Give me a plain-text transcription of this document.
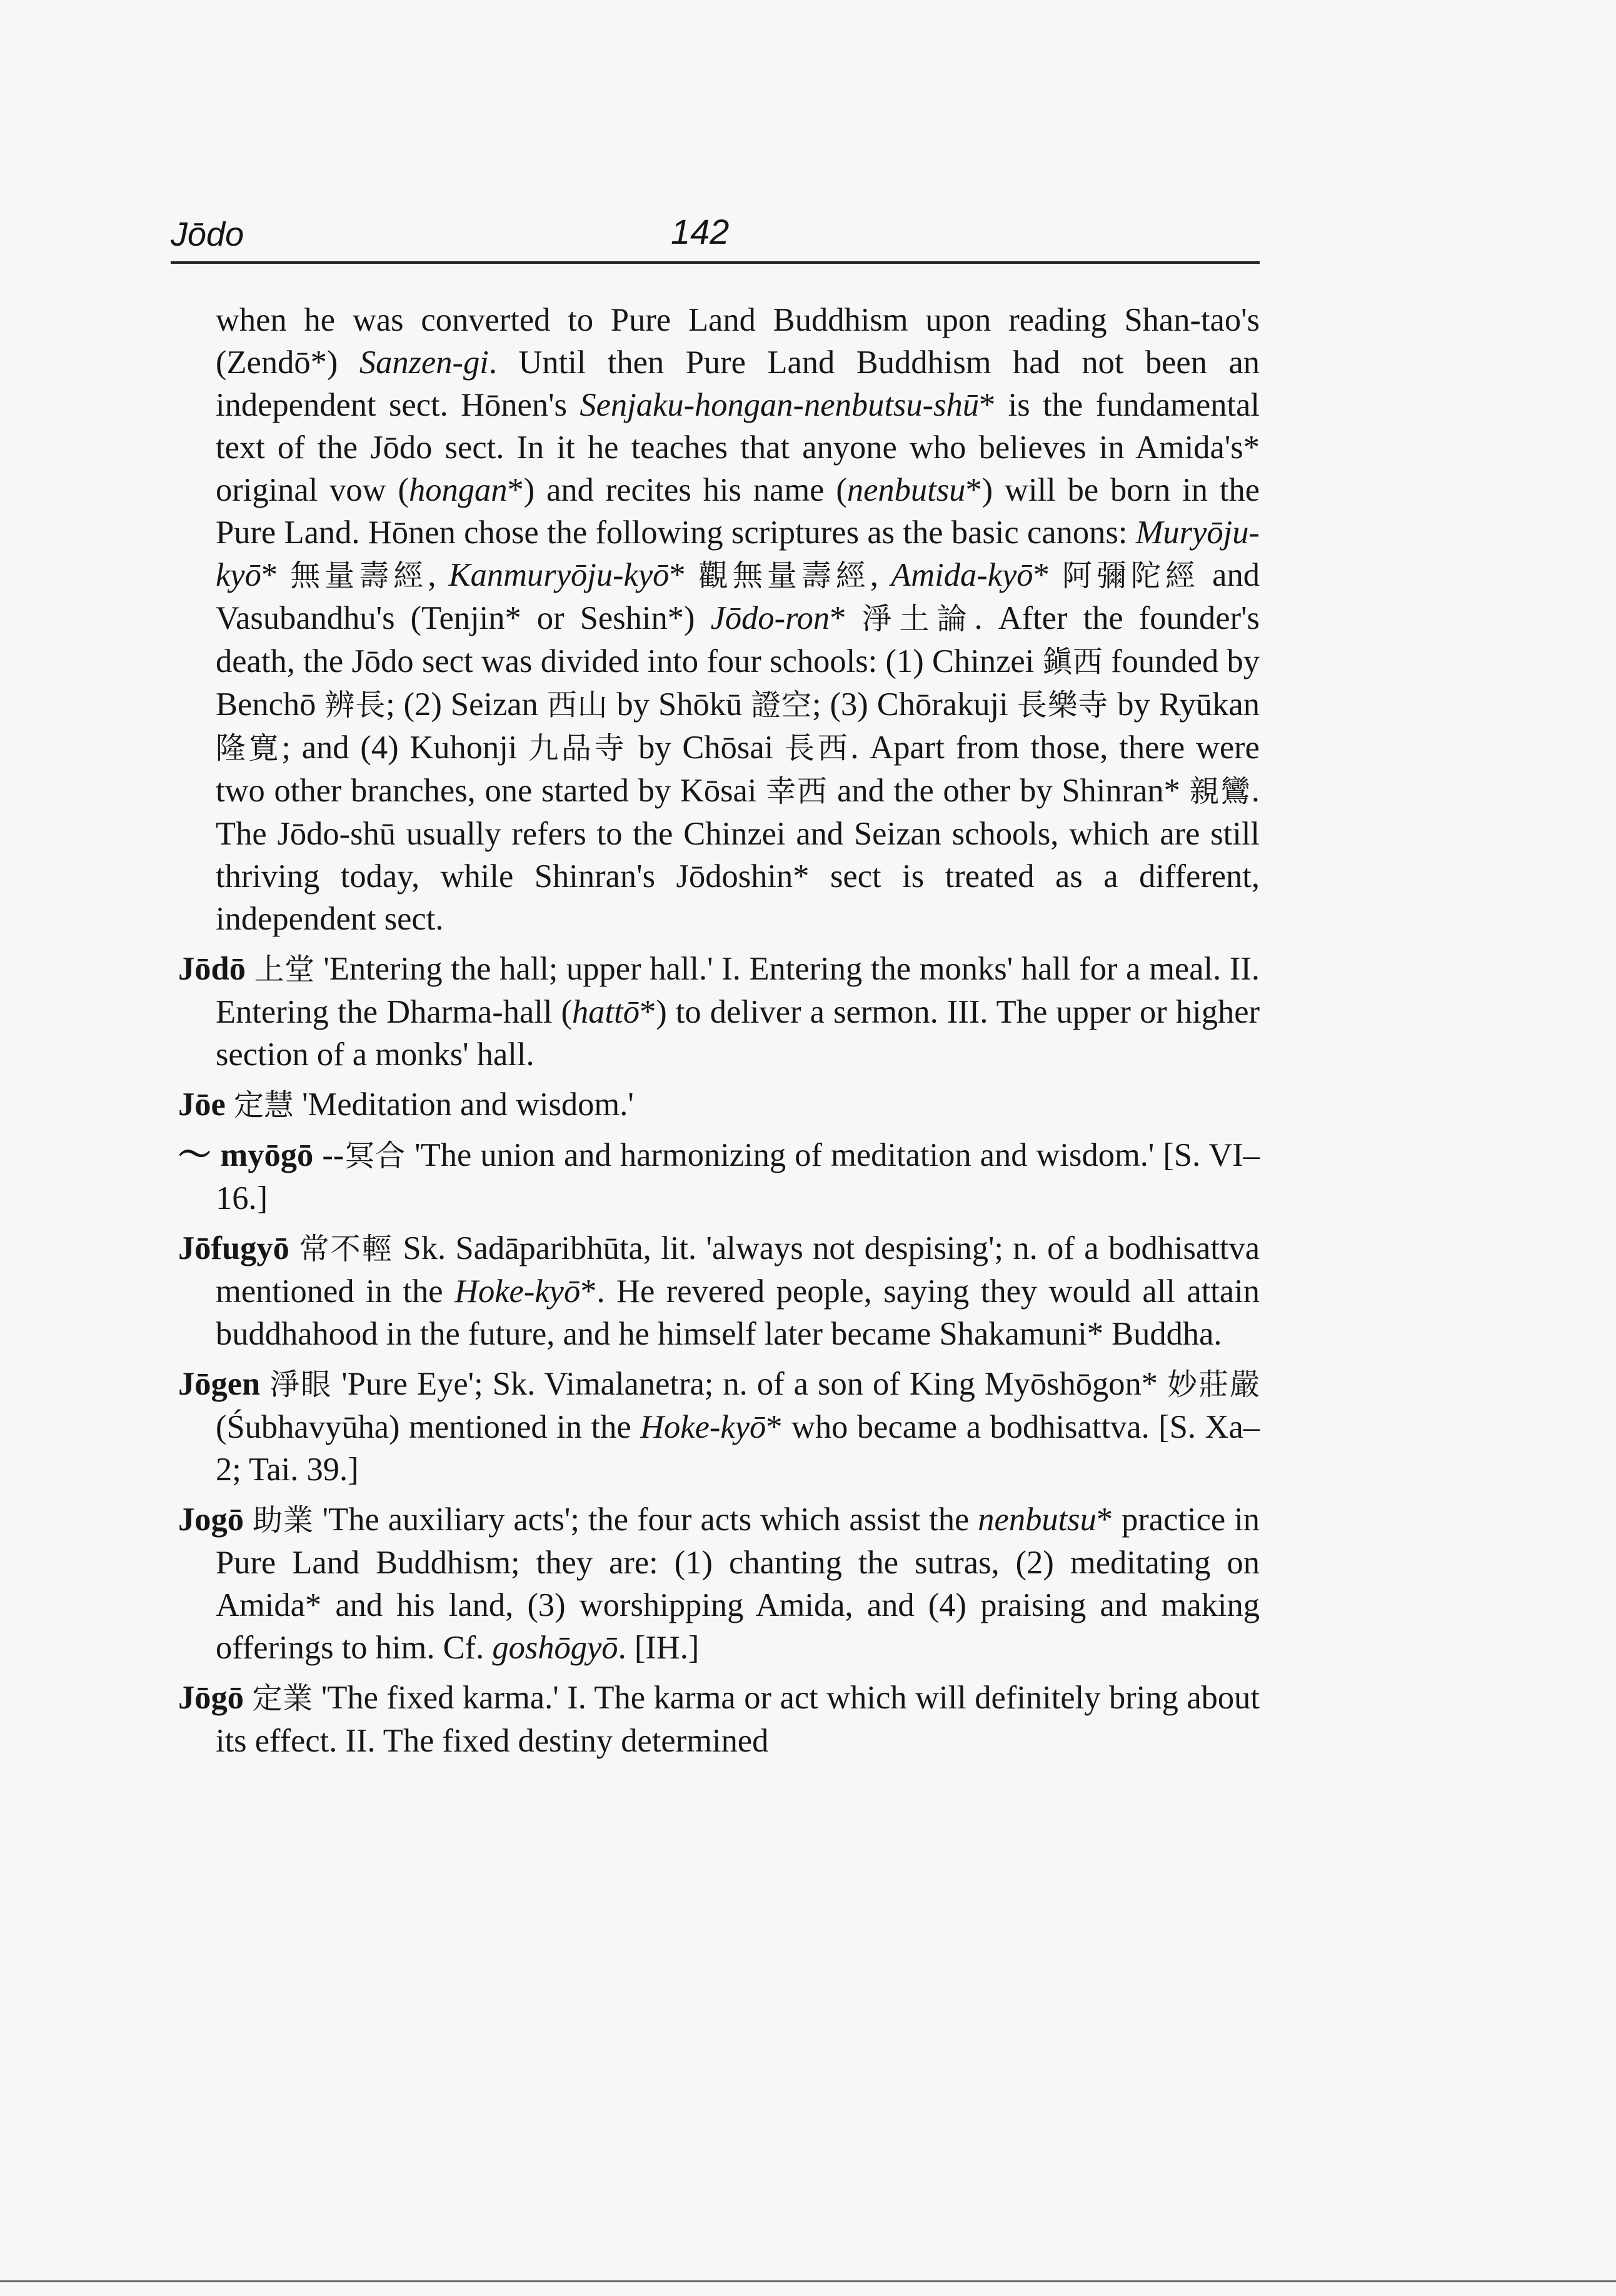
Jōdo	142
when he was converted to Pure Land Buddhism upon reading Shan-tao's (Zendō*) Sanzen-gi. Until then Pure Land Buddhism had not been an independent sect. Hōnen's Senjaku-hongan-nenbutsu-shū* is the fundamental text of the Jōdo sect. In it he teaches that anyone who believes in Amida's* original vow (hongan*) and recites his name (nenbutsu*) will be born in the Pure Land. Hōnen chose the following scriptures as the basic canons: Muryōju-kyō* 無量壽經, Kanmuryōju-kyō* 觀無量壽經, Amida-kyō* 阿彌陀經 and Vasubandhu's (Tenjin* or Seshin*) Jōdo-ron* 淨土論. After the founder's death, the Jōdo sect was divided into four schools: (1) Chinzei 鎭西 founded by Benchō 辨長; (2) Seizan 西山 by Shōkū 證空; (3) Chōrakuji 長樂寺 by Ryūkan 隆寛; and (4) Kuhonji 九品寺 by Chōsai 長西. Apart from those, there were two other branches, one started by Kōsai 幸西 and the other by Shinran* 親鸞. The Jōdo-shū usually refers to the Chinzei and Seizan schools, which are still thriving today, while Shinran's Jōdoshin* sect is treated as a different, independent sect.
Jōdō 上堂 'Entering the hall; upper hall.' I. Entering the monks' hall for a meal. II. Entering the Dharma-hall (hattō*) to deliver a sermon. III. The upper or higher section of a monks' hall.
Jōe 定慧 'Meditation and wisdom.'
～ myōgō --冥合 'The union and harmonizing of meditation and wisdom.' [S. VI–16.]
Jōfugyō 常不輕 Sk. Sadāparibhūta, lit. 'always not despising'; n. of a bodhisattva mentioned in the Hoke-kyō*. He revered people, saying they would all attain buddhahood in the future, and he himself later became Shakamuni* Buddha.
Jōgen 淨眼 'Pure Eye'; Sk. Vimalanetra; n. of a son of King Myōshōgon* 妙莊嚴 (Śubhavyūha) mentioned in the Hoke-kyō* who became a bodhisattva. [S. Xa–2; Tai. 39.]
Jogō 助業 'The auxiliary acts'; the four acts which assist the nenbutsu* practice in Pure Land Buddhism; they are: (1) chanting the sutras, (2) meditating on Amida* and his land, (3) worshipping Amida, and (4) praising and making offerings to him. Cf. goshōgyō. [IH.]
Jōgō 定業 'The fixed karma.' I. The karma or act which will definitely bring about its effect. II. The fixed destiny determined
